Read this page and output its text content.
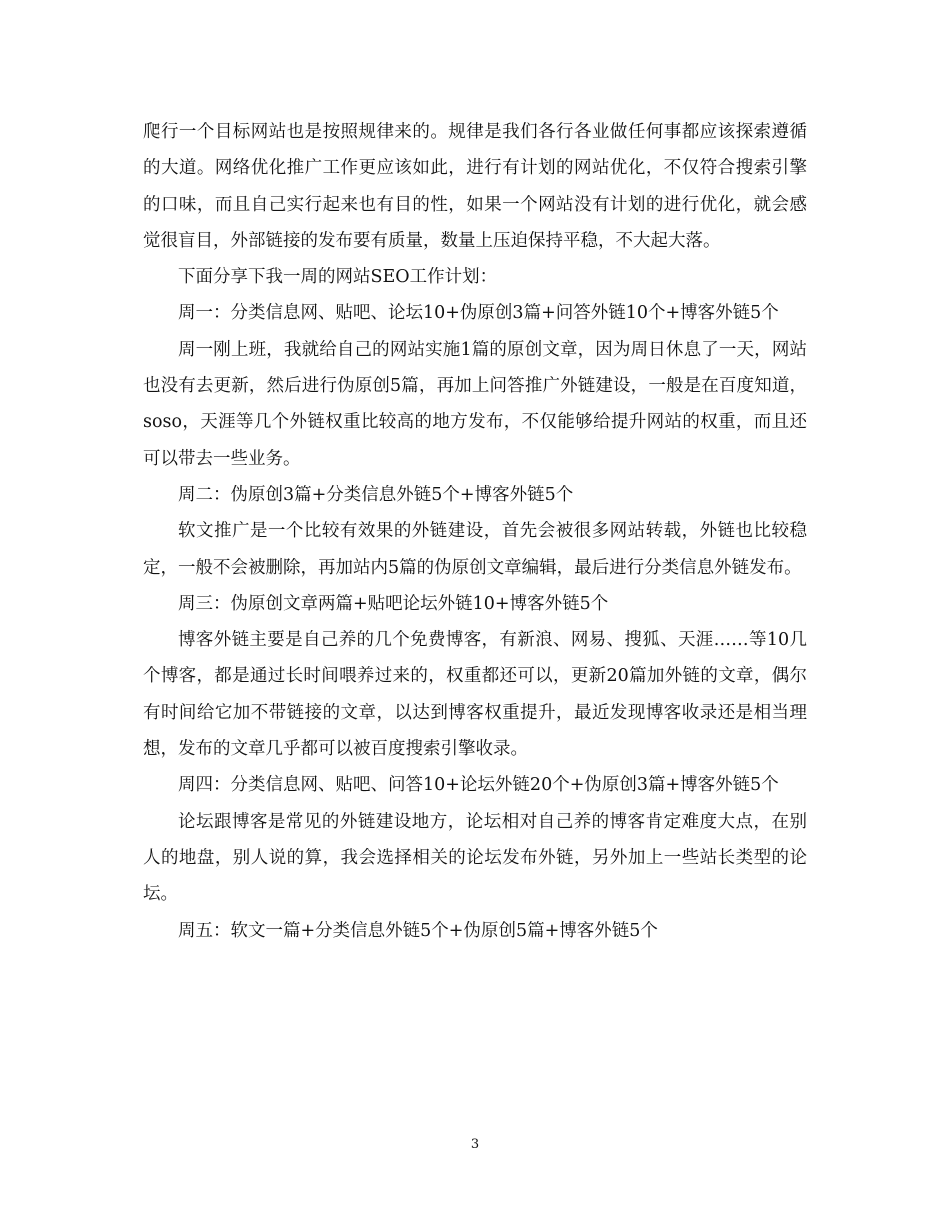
爬行一个目标网站也是按照规律来的。规律是我们各行各业做任何事都应该探索遵循的大道。网络优化推广工作更应该如此，进行有计划的网站优化，不仅符合搜索引擎的口味，而且自己实行起来也有目的性，如果一个网站没有计划的进行优化，就会感觉很盲目，外部链接的发布要有质量，数量上压迫保持平稳，不大起大落。

下面分享下我一周的网站SEO工作计划：

周一：分类信息网、贴吧、论坛10+伪原创3篇+问答外链10个+博客外链5个

周一刚上班，我就给自己的网站实施1篇的原创文章，因为周日休息了一天，网站也没有去更新，然后进行伪原创5篇，再加上问答推广外链建设，一般是在百度知道，soso，天涯等几个外链权重比较高的地方发布，不仅能够给提升网站的权重，而且还可以带去一些业务。

周二：伪原创3篇+分类信息外链5个+博客外链5个

软文推广是一个比较有效果的外链建设，首先会被很多网站转载，外链也比较稳定，一般不会被删除，再加站内5篇的伪原创文章编辑，最后进行分类信息外链发布。

周三：伪原创文章两篇+贴吧论坛外链10+博客外链5个

博客外链主要是自己养的几个免费博客，有新浪、网易、搜狐、天涯……等10几个博客，都是通过长时间喂养过来的，权重都还可以，更新20篇加外链的文章，偶尔有时间给它加不带链接的文章，以达到博客权重提升，最近发现博客收录还是相当理想，发布的文章几乎都可以被百度搜索引擎收录。

周四：分类信息网、贴吧、问答10+论坛外链20个+伪原创3篇+博客外链5个

论坛跟博客是常见的外链建设地方，论坛相对自己养的博客肯定难度大点，在别人的地盘，别人说的算，我会选择相关的论坛发布外链，另外加上一些站长类型的论坛。

周五：软文一篇+分类信息外链5个+伪原创5篇+博客外链5个

3
